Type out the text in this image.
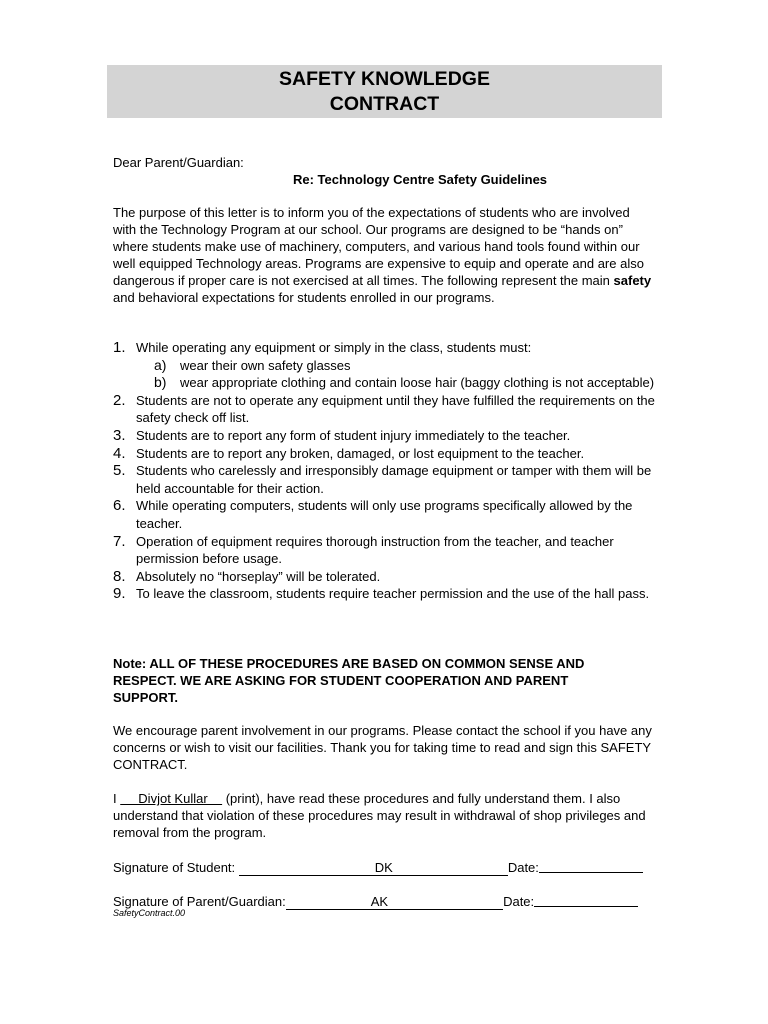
SAFETY KNOWLEDGE
CONTRACT
Dear Parent/Guardian:
Re: Technology Centre Safety Guidelines
The purpose of this letter is to inform you of the expectations of students who are involved with the Technology Program at our school. Our programs are designed to be “hands on” where students make use of machinery, computers, and various hand tools found within our well equipped Technology areas. Programs are expensive to equip and operate and are also dangerous if proper care is not exercised at all times. The following represent the main safety and behavioral expectations for students enrolled in our programs.
1. While operating any equipment or simply in the class, students must:
a) wear their own safety glasses
b) wear appropriate clothing and contain loose hair (baggy clothing is not acceptable)
2. Students are not to operate any equipment until they have fulfilled the requirements on the safety check off list.
3. Students are to report any form of student injury immediately to the teacher.
4. Students are to report any broken, damaged, or lost equipment to the teacher.
5. Students who carelessly and irresponsibly damage equipment or tamper with them will be held accountable for their action.
6. While operating computers, students will only use programs specifically allowed by the teacher.
7. Operation of equipment requires thorough instruction from the teacher, and teacher permission before usage.
8. Absolutely no “horseplay” will be tolerated.
9. To leave the classroom, students require teacher permission and the use of the hall pass.
Note: ALL OF THESE PROCEDURES ARE BASED ON COMMON SENSE AND RESPECT. WE ARE ASKING FOR STUDENT COOPERATION AND PARENT SUPPORT.
We encourage parent involvement in our programs. Please contact the school if you have any concerns or wish to visit our facilities. Thank you for taking time to read and sign this SAFETY CONTRACT.
I      Divjot Kullar     (print), have read these procedures and fully understand them. I also understand that violation of these procedures may result in withdrawal of shop privileges and removal from the program.
Signature of Student:	DK	Date:
Signature of Parent/Guardian:	AK	Date:
SafetyContract.00
